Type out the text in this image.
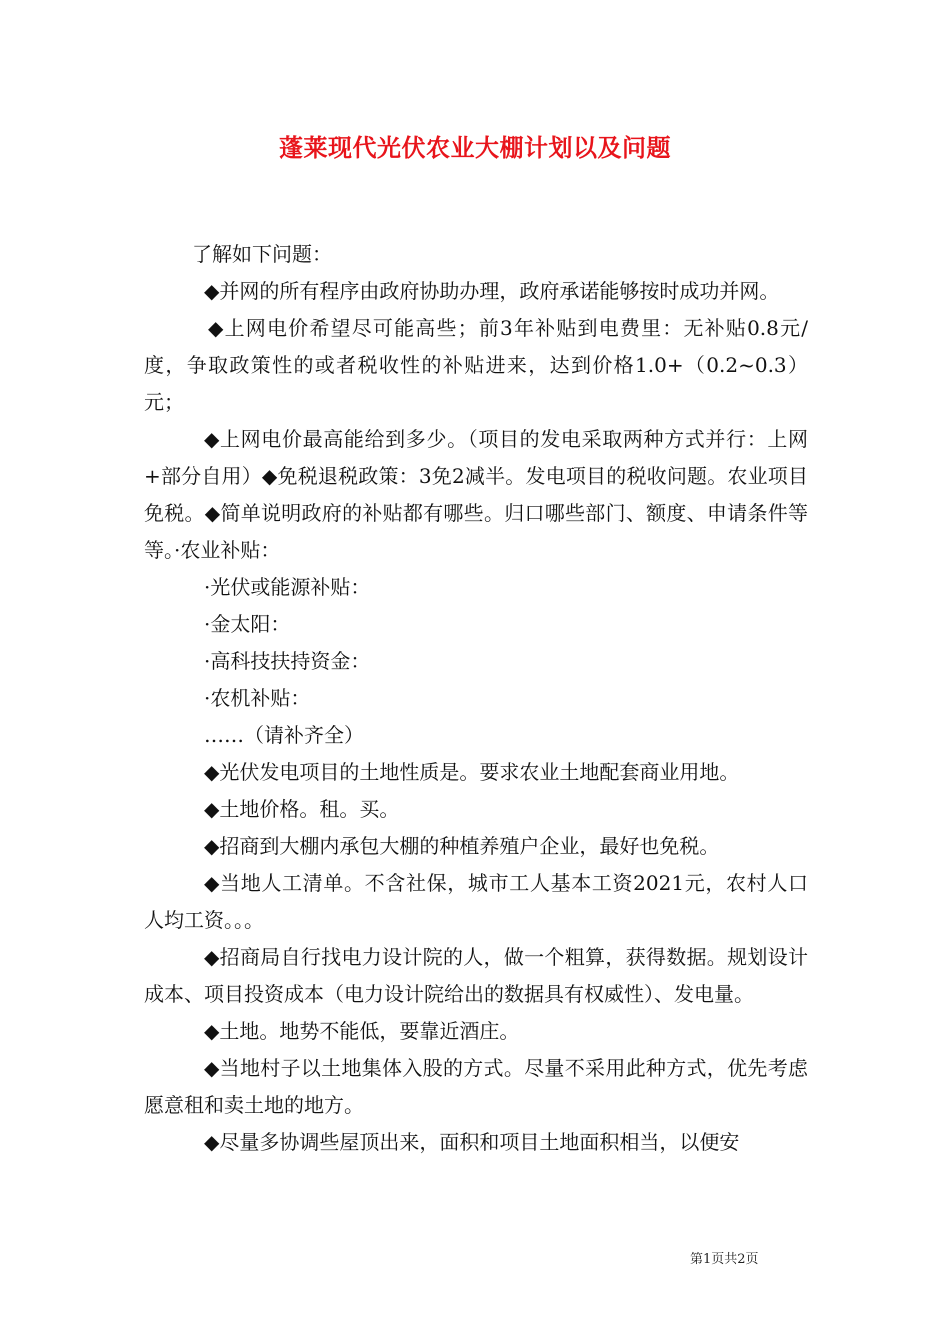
蓬莱现代光伏农业大棚计划以及问题

了解如下问题：

◆并网的所有程序由政府协助办理，政府承诺能够按时成功并网。

◆上网电价希望尽可能高些；前3年补贴到电费里：无补贴0.8元/度，争取政策性的或者税收性的补贴进来，达到价格1.0+（0.2~0.3）元；

◆上网电价最高能给到多少。（项目的发电采取两种方式并行：上网+部分自用）◆免税退税政策：3免2减半。发电项目的税收问题。农业项目免税。◆简单说明政府的补贴都有哪些。归口哪些部门、额度、申请条件等等。·农业补贴：

·光伏或能源补贴：

·金太阳：

·高科技扶持资金：

·农机补贴：

……（请补齐全）

◆光伏发电项目的土地性质是。要求农业土地配套商业用地。

◆土地价格。租。买。

◆招商到大棚内承包大棚的种植养殖户企业，最好也免税。

◆当地人工清单。不含社保，城市工人基本工资2021元，农村人口人均工资。。。

◆招商局自行找电力设计院的人，做一个粗算，获得数据。规划设计成本、项目投资成本（电力设计院给出的数据具有权威性）、发电量。

◆土地。地势不能低，要靠近酒庄。

◆当地村子以土地集体入股的方式。尽量不采用此种方式，优先考虑愿意租和卖土地的地方。

◆尽量多协调些屋顶出来，面积和项目土地面积相当，以便安

第1页共2页
